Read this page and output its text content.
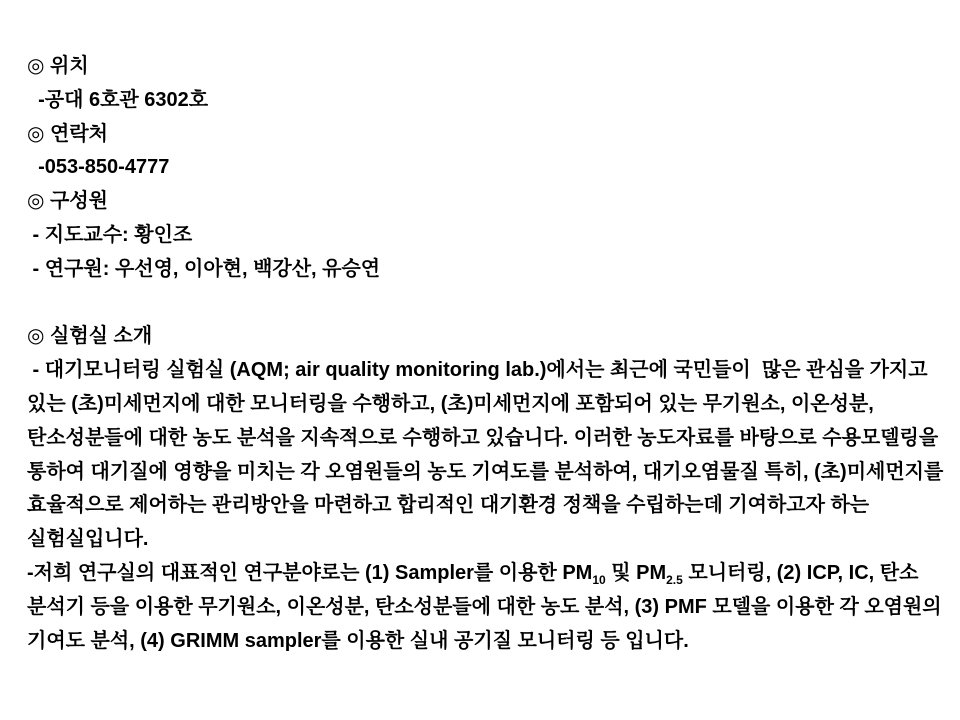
◎ 위치
-공대 6호관 6302호
◎ 연락처
-053-850-4777
◎ 구성원
- 지도교수: 황인조
- 연구원: 우선영, 이아현, 백강산, 유승연

◎ 실험실 소개
- 대기모니터링 실험실 (AQM; air quality monitoring lab.)에서는 최근에 국민들이  많은 관심을 가지고
있는 (초)미세먼지에 대한 모니터링을 수행하고, (초)미세먼지에 포함되어 있는 무기원소, 이온성분,
탄소성분들에 대한 농도 분석을 지속적으로 수행하고 있습니다. 이러한 농도자료를 바탕으로 수용모델링을
통하여 대기질에 영향을 미치는 각 오염원들의 농도 기여도를 분석하여, 대기오염물질 특히, (초)미세먼지를
효율적으로 제어하는 관리방안을 마련하고 합리적인 대기환경 정책을 수립하는데 기여하고자 하는
실험실입니다.
-저희 연구실의 대표적인 연구분야로는 (1) Sampler를 이용한 $PM_{10}$ 및 $PM_{2.5}$ 모니터링, (2) ICP, IC, 탄소
분석기 등을 이용한 무기원소, 이온성분, 탄소성분들에 대한 농도 분석, (3) PMF 모델을 이용한 각 오염원의
기여도 분석, (4) GRIMM sampler를 이용한 실내 공기질 모니터링 등 입니다.
